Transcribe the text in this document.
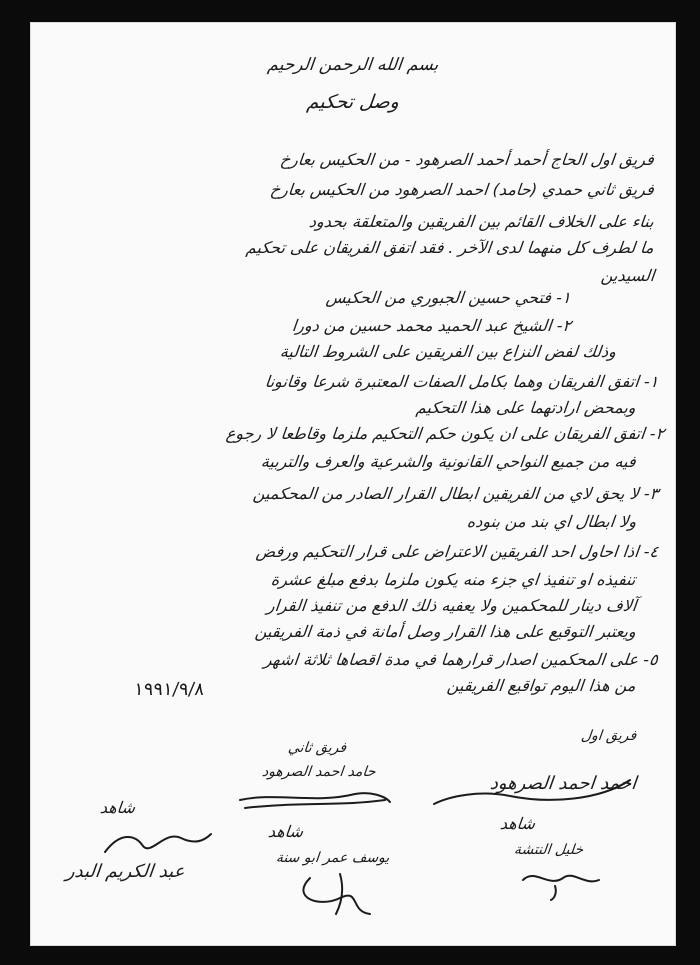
بسم الله الرحمن الرحيم
وصل تحكيم
فريق اول الحاج أحمد أحمد الصرهود - من الحكيس بعارخ
فريق ثاني حمدي (حامد) احمد الصرهود من الحكيس بعارخ
بناء على الخلاف القائم بين الفريقين والمتعلقة بحدود
ما لطرف كل منهما لدى الآخر . فقد اتفق الفريقان على تحكيم
السيدين
١- فتحي حسين الجبوري من الحكيس
٢- الشيخ عبد الحميد محمد حسين من دورا
وذلك لفض النزاع بين الفريقين على الشروط التالية
١- اتفق الفريقان وهما بكامل الصفات المعتبرة شرعا وقانونا
وبمحض ارادتهما على هذا التحكيم
٢- اتفق الفريقان على ان يكون حكم التحكيم ملزما وقاطعا لا رجوع
فيه من جميع النواحي القانونية والشرعية والعرف والتربية
٣- لا يحق لاي من الفريقين ابطال القرار الصادر من المحكمين
ولا ابطال اي بند من بنوده
٤- اذا احاول احد الفريقين الاعتراض على قرار التحكيم ورفض
تنفيذه او تنفيذ اي جزء منه يكون ملزما بدفع مبلغ عشرة
آلاف دينار للمحكمين ولا يعفيه ذلك الدفع من تنفيذ القرار
ويعتبر التوقيع على هذا القرار وصل أمانة في ذمة الفريقين
٥- على المحكمين اصدار قرارهما في مدة اقصاها ثلاثة اشهر
من هذا اليوم تواقيع الفريقين
١٩٩١/٩/٨
فريق ثاني
حامد احمد الصرهود
فريق اول
احمد احمد الصرهود
شاهد
عبد الكريم البدر
شاهد
يوسف عمر ابو سنة
شاهد
خليل النتشة
